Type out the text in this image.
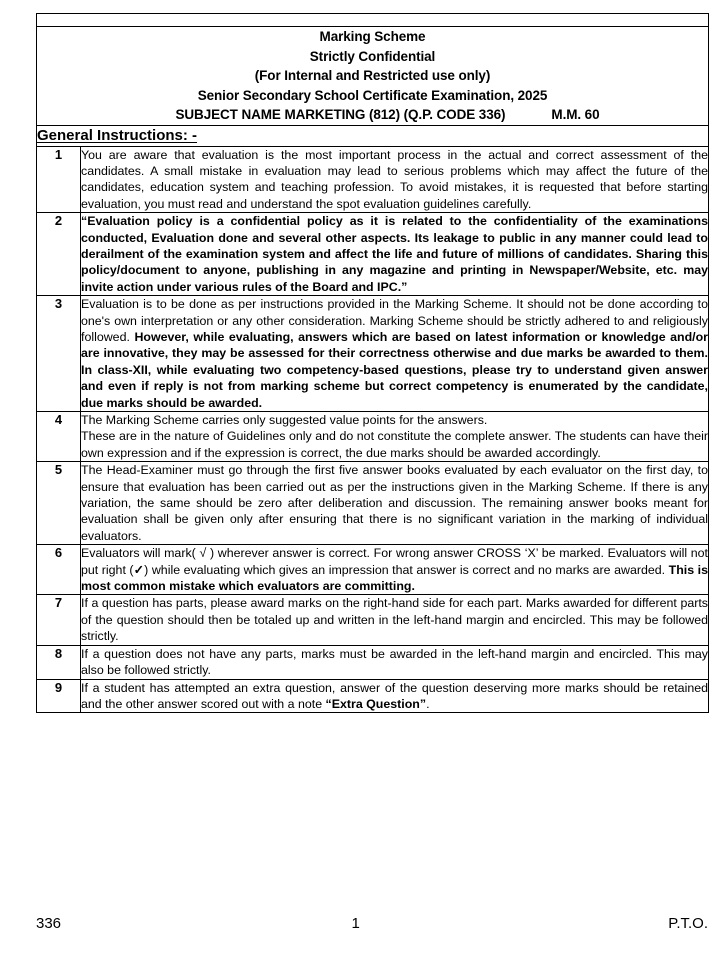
Marking Scheme
Strictly Confidential
(For Internal and Restricted use only)
Senior Secondary School Certificate Examination, 2025
SUBJECT NAME MARKETING (812) (Q.P. CODE 336)	M.M. 60

General Instructions: -	
1	You are aware that evaluation is the most important process in the actual and correct assessment of the candidates. A small mistake in evaluation may lead to serious problems which may affect the future of the candidates, education system and teaching profession. To avoid mistakes, it is requested that before starting evaluation, you must read and understand the spot evaluation guidelines carefully.

2	“Evaluation policy is a confidential policy as it is related to the confidentiality of the examinations conducted, Evaluation done and several other aspects. Its leakage to public in any manner could lead to derailment of the examination system and affect the life and future of millions of candidates. Sharing this policy/document to anyone, publishing in any magazine and printing in Newspaper/Website, etc. may invite action under various rules of the Board and IPC.”

3	Evaluation is to be done as per instructions provided in the Marking Scheme. It should not be done according to one's own interpretation or any other consideration. Marking Scheme should be strictly adhered to and religiously followed. However, while evaluating, answers which are based on latest information or knowledge and/or are innovative, they may be assessed for their correctness otherwise and due marks be awarded to them. In class-XII, while evaluating two competency-based questions, please try to understand given answer and even if reply is not from marking scheme but correct competency is enumerated by the candidate, due marks should be awarded.

4	The Marking Scheme carries only suggested value points for the answers.
These are in the nature of Guidelines only and do not constitute the complete answer. The students can have their own expression and if the expression is correct, the due marks should be awarded accordingly.

5	The Head-Examiner must go through the first five answer books evaluated by each evaluator on the first day, to ensure that evaluation has been carried out as per the instructions given in the Marking Scheme. If there is any variation, the same should be zero after deliberation and discussion. The remaining answer books meant for evaluation shall be given only after ensuring that there is no significant variation in the marking of individual evaluators.

6	Evaluators will mark( √ ) wherever answer is correct. For wrong answer CROSS ‘X’ be marked. Evaluators will not put right (✓) while evaluating which gives an impression that answer is correct and no marks are awarded. This is most common mistake which evaluators are committing.

7	If a question has parts, please award marks on the right-hand side for each part. Marks awarded for different parts of the question should then be totaled up and written in the left-hand margin and encircled. This may be followed strictly.

8	If a question does not have any parts, marks must be awarded in the left-hand margin and encircled. This may also be followed strictly.

9	If a student has attempted an extra question, answer of the question deserving more marks should be retained and the other answer scored out with a note “Extra Question”.
336	1	P.T.O.
